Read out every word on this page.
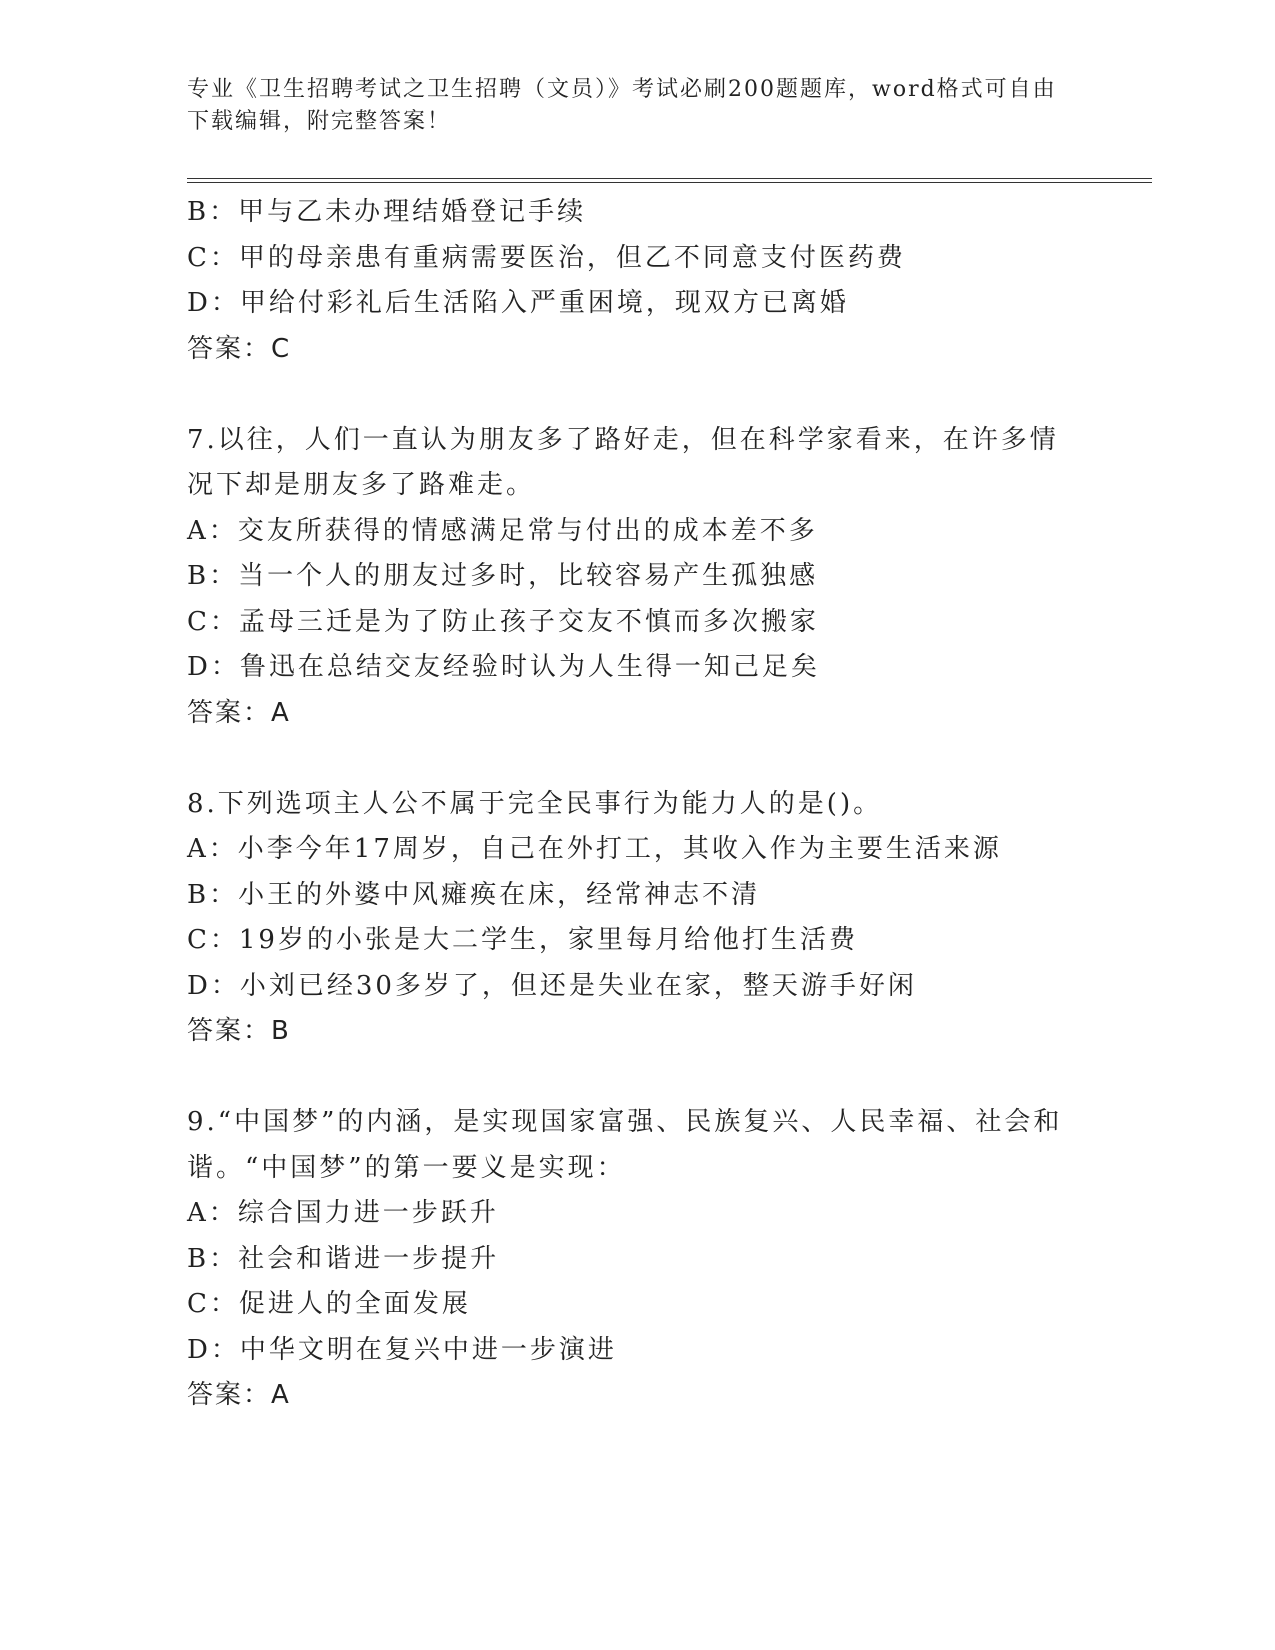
专业《卫生招聘考试之卫生招聘（文员）》考试必刷200题题库，word格式可自由下载编辑，附完整答案！
B：甲与乙未办理结婚登记手续
C：甲的母亲患有重病需要医治，但乙不同意支付医药费
D：甲给付彩礼后生活陷入严重困境，现双方已离婚
答案：C
7.以往，人们一直认为朋友多了路好走，但在科学家看来，在许多情况下却是朋友多了路难走。
A：交友所获得的情感满足常与付出的成本差不多
B：当一个人的朋友过多时，比较容易产生孤独感
C：孟母三迁是为了防止孩子交友不慎而多次搬家
D：鲁迅在总结交友经验时认为人生得一知己足矣
答案：A
8.下列选项主人公不属于完全民事行为能力人的是()。
A：小李今年17周岁，自己在外打工，其收入作为主要生活来源
B：小王的外婆中风瘫痪在床，经常神志不清
C：19岁的小张是大二学生，家里每月给他打生活费
D：小刘已经30多岁了，但还是失业在家，整天游手好闲
答案：B
9.“中国梦”的内涵，是实现国家富强、民族复兴、人民幸福、社会和谐。“中国梦”的第一要义是实现：
A：综合国力进一步跃升
B：社会和谐进一步提升
C：促进人的全面发展
D：中华文明在复兴中进一步演进
答案：A
